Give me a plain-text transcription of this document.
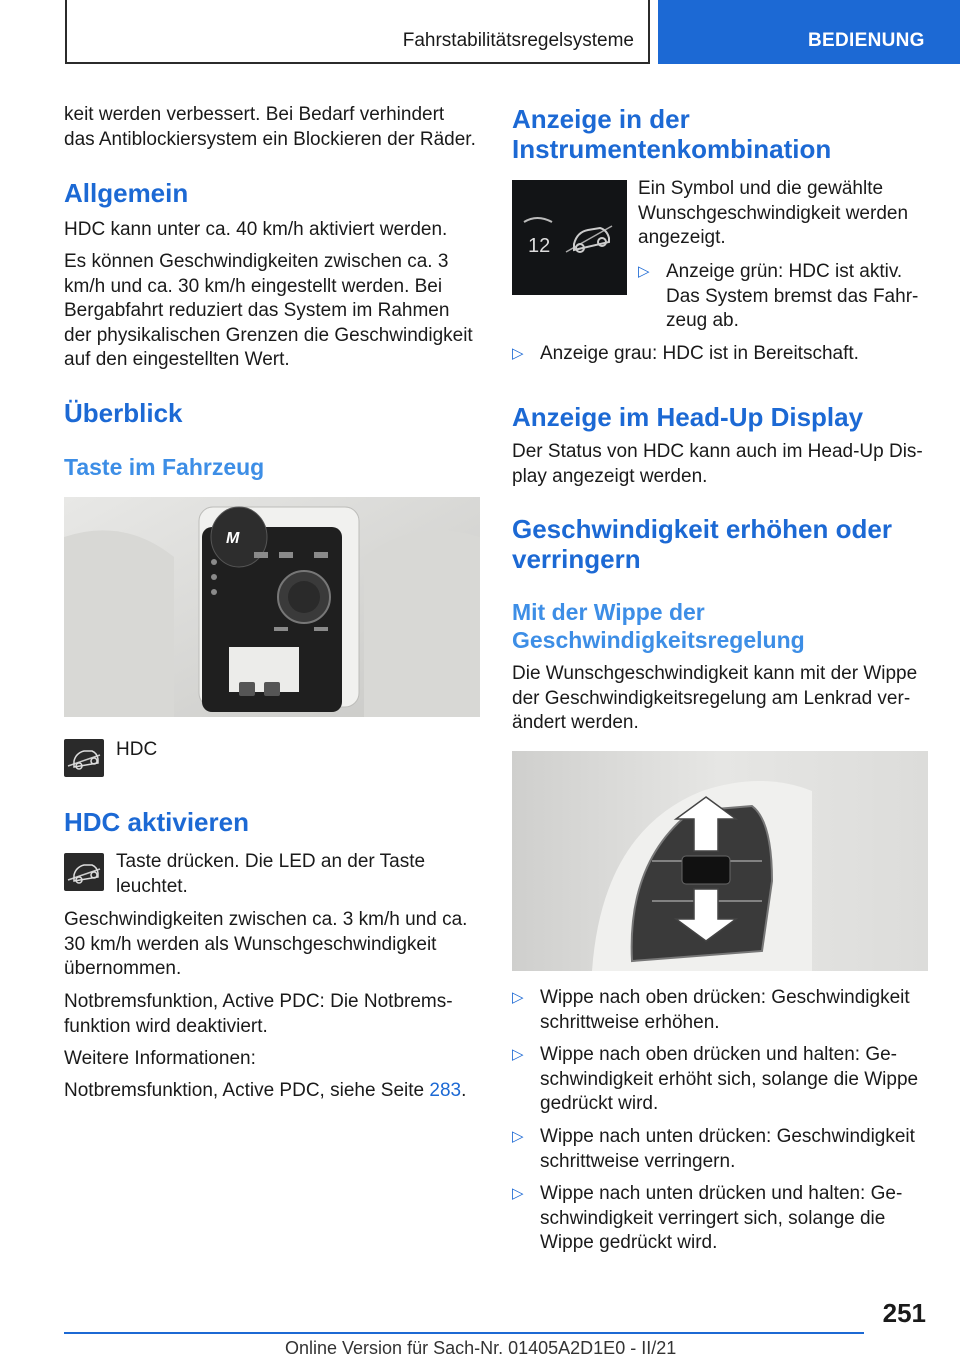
Fahrstabilitätsregelsysteme	BEDIENUNG
keit werden verbessert. Bei Bedarf verhindert das Antiblockiersystem ein Blockieren der Räder.
Allgemein
HDC kann unter ca. 40 km/h aktiviert werden.
Es können Geschwindigkeiten zwischen ca. 3 km/h und ca. 30 km/h eingestellt werden. Bei Bergabfahrt reduziert das System im Rahmen der physikalischen Grenzen die Geschwindigkeit auf den eingestellten Wert.
Überblick
Taste im Fahrzeug
M
HDC
HDC aktivieren
Taste drücken. Die LED an der Taste leuchtet.
Geschwindigkeiten zwischen ca. 3 km/h und ca. 30 km/h werden als Wunschgeschwindigkeit übernommen.
Notbremsfunktion, Active PDC: Die Notbrems- funktion wird deaktiviert.
Weitere Informationen:
Notbremsfunktion, Active PDC, siehe Seite 283.
Anzeige in der Instrumentenkombination
12
Ein Symbol und die gewählte Wunschgeschwindigkeit werden angezeigt.
▷ Anzeige grün: HDC ist aktiv. Das System bremst das Fahr- zeug ab.
▷ Anzeige grau: HDC ist in Bereitschaft.
Anzeige im Head-Up Display
Der Status von HDC kann auch im Head-Up Dis- play angezeigt werden.
Geschwindigkeit erhöhen oder verringern
Mit der Wippe der Geschwindigkeitsregelung
Die Wunschgeschwindigkeit kann mit der Wippe der Geschwindigkeitsregelung am Lenkrad ver- ändert werden.
▷ Wippe nach oben drücken: Geschwindigkeit schrittweise erhöhen.
▷ Wippe nach oben drücken und halten: Ge- schwindigkeit erhöht sich, solange die Wippe gedrückt wird.
▷ Wippe nach unten drücken: Geschwindigkeit schrittweise verringern.
▷ Wippe nach unten drücken und halten: Ge- schwindigkeit verringert sich, solange die Wippe gedrückt wird.
251
Online Version für Sach-Nr. 01405A2D1E0 - II/21
